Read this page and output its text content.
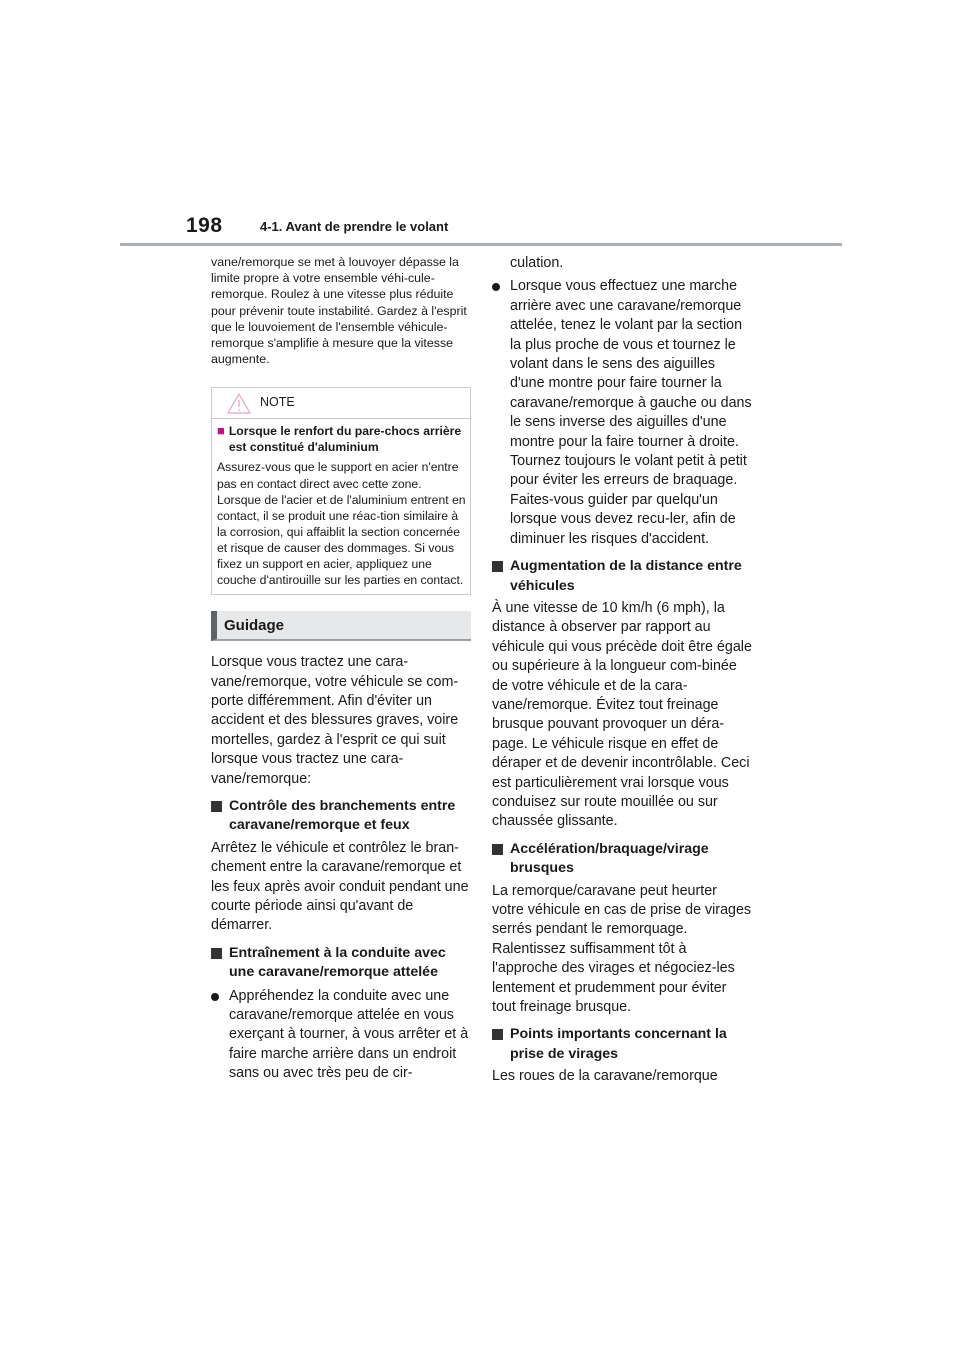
198	4-1. Avant de prendre le volant

vane/remorque se met à louvoyer dépasse la limite propre à votre ensemble véhi-cule-remorque. Roulez à une vitesse plus réduite pour prévenir toute instabilité. Gardez à l'esprit que le louvoiement de l'ensemble véhicule-remorque s'amplifie à mesure que la vitesse augmente.

NOTE
■ Lorsque le renfort du pare-chocs arrière est constitué d'aluminium

Assurez-vous que le support en acier n'entre pas en contact direct avec cette zone.

Lorsque de l'acier et de l'aluminium entrent en contact, il se produit une réac-tion similaire à la corrosion, qui affaiblit la section concernée et risque de causer des dommages. Si vous fixez un support en acier, appliquez une couche d'antirouille sur les parties en contact.

Guidage

Lorsque vous tractez une cara-vane/remorque, votre véhicule se com-porte différemment. Afin d'éviter un accident et des blessures graves, voire mortelles, gardez à l'esprit ce qui suit lorsque vous tractez une cara-vane/remorque:

Contrôle des branchements entre caravane/remorque et feux

Arrêtez le véhicule et contrôlez le bran-chement entre la caravane/remorque et les feux après avoir conduit pendant une courte période ainsi qu'avant de démarrer.

Entraînement à la conduite avec une caravane/remorque attelée

Appréhendez la conduite avec une caravane/remorque attelée en vous exerçant à tourner, à vous arrêter et à faire marche arrière dans un endroit sans ou avec très peu de cir-

culation.

Lorsque vous effectuez une marche arrière avec une caravane/remorque attelée, tenez le volant par la section la plus proche de vous et tournez le volant dans le sens des aiguilles d'une montre pour faire tourner la caravane/remorque à gauche ou dans le sens inverse des aiguilles d'une montre pour la faire tourner à droite. Tournez toujours le volant petit à petit pour éviter les erreurs de braquage. Faites-vous guider par quelqu'un lorsque vous devez recu-ler, afin de diminuer les risques d'accident.

Augmentation de la distance entre véhicules

À une vitesse de 10 km/h (6 mph), la distance à observer par rapport au véhicule qui vous précède doit être égale ou supérieure à la longueur com-binée de votre véhicule et de la cara-vane/remorque. Évitez tout freinage brusque pouvant provoquer un déra-page. Le véhicule risque en effet de déraper et de devenir incontrôlable. Ceci est particulièrement vrai lorsque vous conduisez sur route mouillée ou sur chaussée glissante.

Accélération/braquage/virage brusques

La remorque/caravane peut heurter votre véhicule en cas de prise de virages serrés pendant le remorquage. Ralentissez suffisamment tôt à l'approche des virages et négociez-les lentement et prudemment pour éviter tout freinage brusque.

Points importants concernant la prise de virages

Les roues de la caravane/remorque
